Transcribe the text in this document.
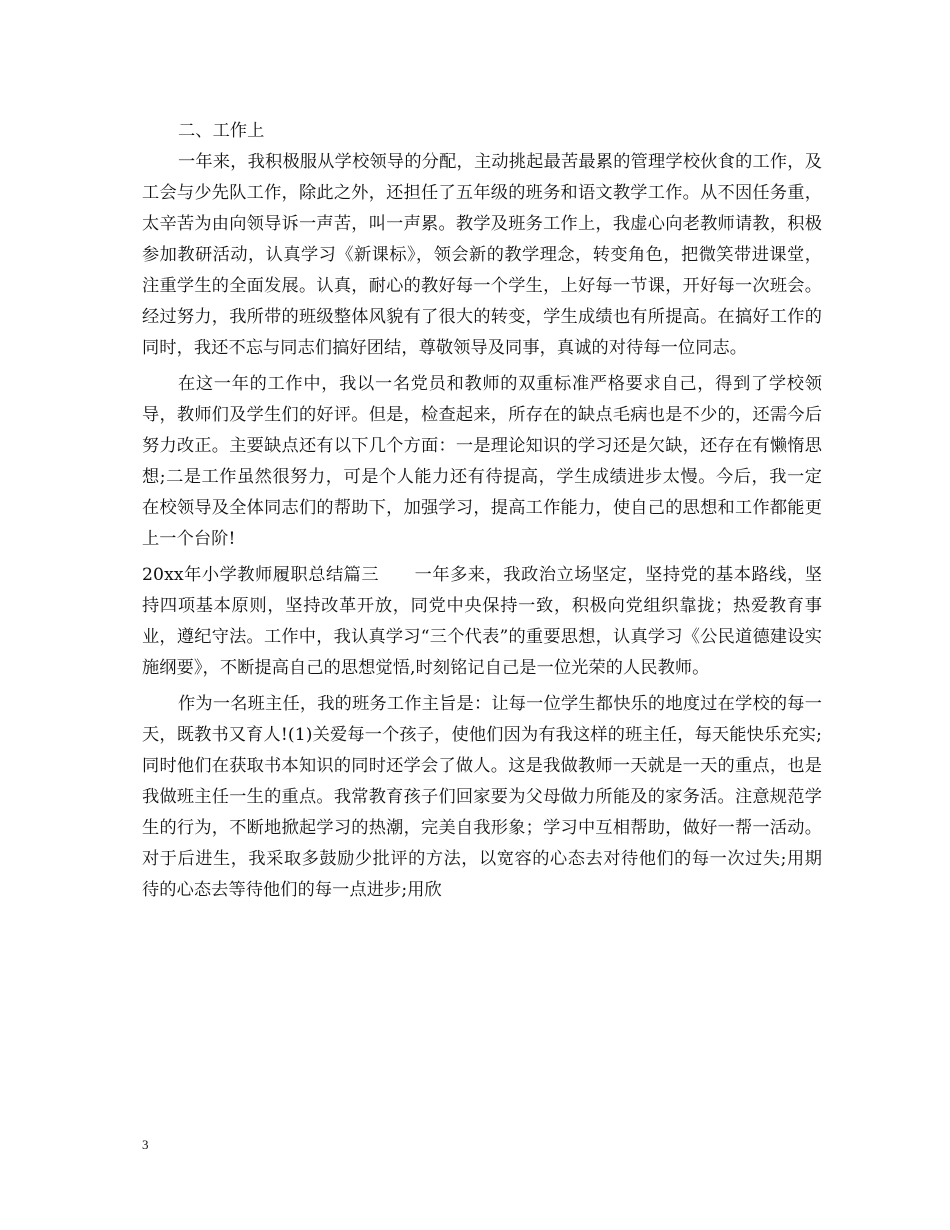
二、工作上

一年来，我积极服从学校领导的分配，主动挑起最苦最累的管理学校伙食的工作，及工会与少先队工作，除此之外，还担任了五年级的班务和语文教学工作。从不因任务重，太辛苦为由向领导诉一声苦，叫一声累。教学及班务工作上，我虚心向老教师请教，积极参加教研活动，认真学习《新课标》，领会新的教学理念，转变角色，把微笑带进课堂，注重学生的全面发展。认真，耐心的教好每一个学生，上好每一节课，开好每一次班会。经过努力，我所带的班级整体风貌有了很大的转变，学生成绩也有所提高。在搞好工作的同时，我还不忘与同志们搞好团结，尊敬领导及同事，真诚的对待每一位同志。

在这一年的工作中，我以一名党员和教师的双重标准严格要求自己，得到了学校领导，教师们及学生们的好评。但是，检查起来，所存在的缺点毛病也是不少的，还需今后努力改正。主要缺点还有以下几个方面：一是理论知识的学习还是欠缺，还存在有懒惰思想;二是工作虽然很努力，可是个人能力还有待提高，学生成绩进步太慢。今后，我一定在校领导及全体同志们的帮助下，加强学习，提高工作能力，使自己的思想和工作都能更上一个台阶!

20xx年小学教师履职总结篇三　　一年多来，我政治立场坚定，坚持党的基本路线，坚持四项基本原则，坚持改革开放，同党中央保持一致，积极向党组织靠拢；热爱教育事业，遵纪守法。工作中，我认真学习“三个代表”的重要思想，认真学习《公民道德建设实施纲要》，不断提高自己的思想觉悟,时刻铭记自己是一位光荣的人民教师。

作为一名班主任，我的班务工作主旨是：让每一位学生都快乐的地度过在学校的每一天，既教书又育人!(1)关爱每一个孩子，使他们因为有我这样的班主任，每天能快乐充实;同时他们在获取书本知识的同时还学会了做人。这是我做教师一天就是一天的重点，也是我做班主任一生的重点。我常教育孩子们回家要为父母做力所能及的家务活。注意规范学生的行为，不断地掀起学习的热潮，完美自我形象；学习中互相帮助，做好一帮一活动。对于后进生，我采取多鼓励少批评的方法，以宽容的心态去对待他们的每一次过失;用期待的心态去等待他们的每一点进步;用欣

3
